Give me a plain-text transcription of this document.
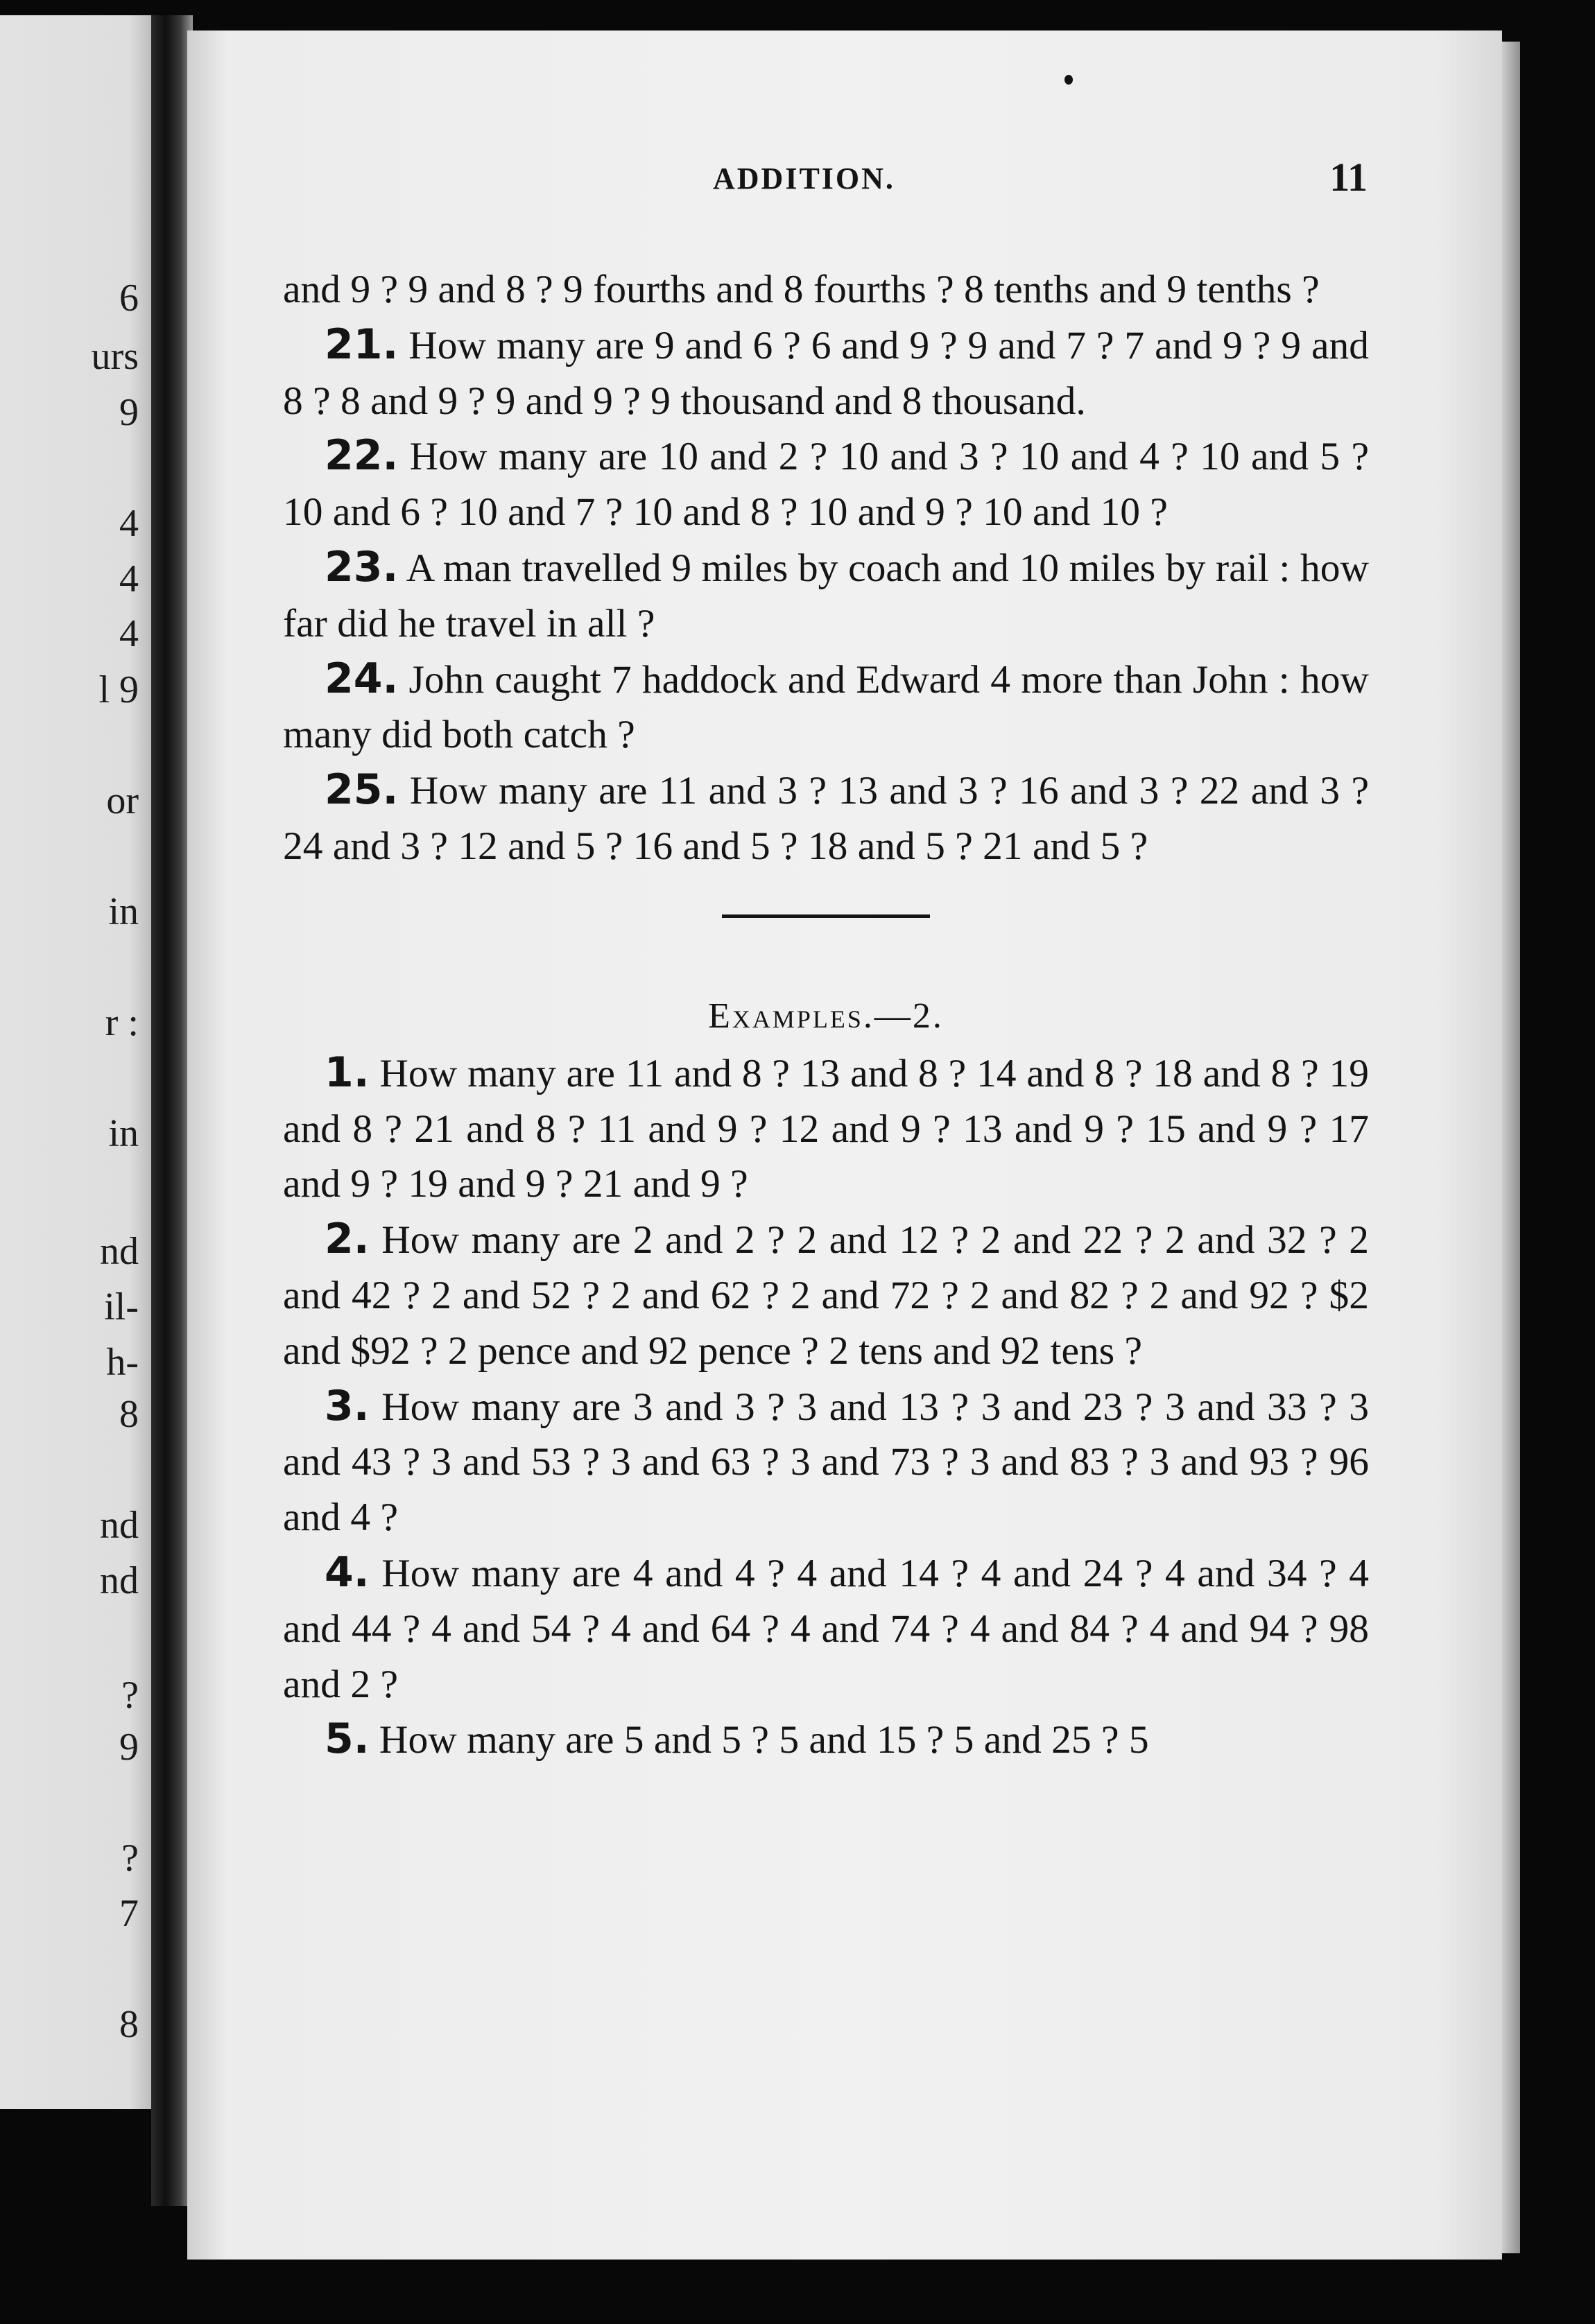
6
urs
9
4
4
4
l 9
or
in
r :
in
nd
il-
h-
8
nd
nd
?
9
?
7
8
ADDITION.	11

and 9 ? 9 and 8 ? 9 fourths and 8 fourths ? 8 tenths and 9 tenths ?

21. How many are 9 and 6 ? 6 and 9 ? 9 and 7 ? 7 and 9 ? 9 and 8 ? 8 and 9 ? 9 and 9 ? 9 thousand and 8 thousand.

22. How many are 10 and 2 ? 10 and 3 ? 10 and 4 ? 10 and 5 ? 10 and 6 ? 10 and 7 ? 10 and 8 ? 10 and 9 ? 10 and 10 ?

23. A man travelled 9 miles by coach and 10 miles by rail : how far did he travel in all ?

24. John caught 7 haddock and Edward 4 more than John : how many did both catch ?

25. How many are 11 and 3 ? 13 and 3 ? 16 and 3 ? 22 and 3 ? 24 and 3 ? 12 and 5 ? 16 and 5 ? 18 and 5 ? 21 and 5 ?

Examples.—2.

1. How many are 11 and 8 ? 13 and 8 ? 14 and 8 ? 18 and 8 ? 19 and 8 ? 21 and 8 ? 11 and 9 ? 12 and 9 ? 13 and 9 ? 15 and 9 ? 17 and 9 ? 19 and 9 ? 21 and 9 ?

2. How many are 2 and 2 ? 2 and 12 ? 2 and 22 ? 2 and 32 ? 2 and 42 ? 2 and 52 ? 2 and 62 ? 2 and 72 ? 2 and 82 ? 2 and 92 ? $2 and $92 ? 2 pence and 92 pence ? 2 tens and 92 tens ?

3. How many are 3 and 3 ? 3 and 13 ? 3 and 23 ? 3 and 33 ? 3 and 43 ? 3 and 53 ? 3 and 63 ? 3 and 73 ? 3 and 83 ? 3 and 93 ? 96 and 4 ?

4. How many are 4 and 4 ? 4 and 14 ? 4 and 24 ? 4 and 34 ? 4 and 44 ? 4 and 54 ? 4 and 64 ? 4 and 74 ? 4 and 84 ? 4 and 94 ? 98 and 2 ?

5. How many are 5 and 5 ? 5 and 15 ? 5 and 25 ? 5
